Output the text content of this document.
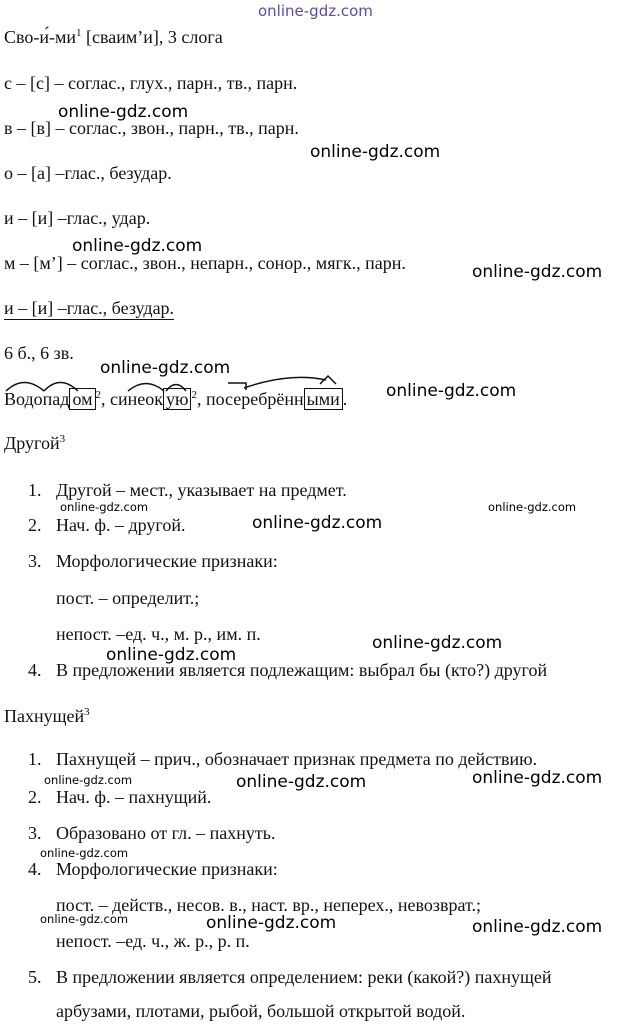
online-gdz.com
Сво-$и́-ми^1$ [сваим’и], 3 слога
с – [с] – соглас., глух., парн., тв., парн.
в – [в] – соглас., звон., парн., тв., парн.
о – [а] –глас., безудар.
и – [и] –глас., удар.
м – [м’] – соглас., звон., непарн., сонор., мягк., парн.
и – [и] –глас., безудар.
6 б., 6 зв.
Водопад ом $^2$, синеок ую $^2$, посеребрённ ыми .
Другой$^3$
1. Другой – мест., указывает на предмет.
2. Нач. ф. – другой.
3. Морфологические признаки:
пост. – определит.;
непост. –ед. ч., м. р., им. п.
4. В предложении является подлежащим: выбрал бы (кто?) другой
Пахнущей$^3$
1. Пахнущей – прич., обозначает признак предмета по действию.
2. Нач. ф. – пахнущий.
3. Образовано от гл. – пахнуть.
4. Морфологические признаки:
пост. – действ., несов. в., наст. вр., неперех., невозврат.;
непост. –ед. ч., ж. р., р. п.
5. В предложении является определением: реки (какой?) пахнущей
арбузами, плотами, рыбой, большой открытой водой.
online-gdz.com
online-gdz.com
online-gdz.com
online-gdz.com
online-gdz.com
online-gdz.com
online-gdz.com	online-gdz.com
online-gdz.com
online-gdz.com
online-gdz.com
online-gdz.com	online-gdz.com	online-gdz.com
online-gdz.com
online-gdz.com	online-gdz.com	online-gdz.com
